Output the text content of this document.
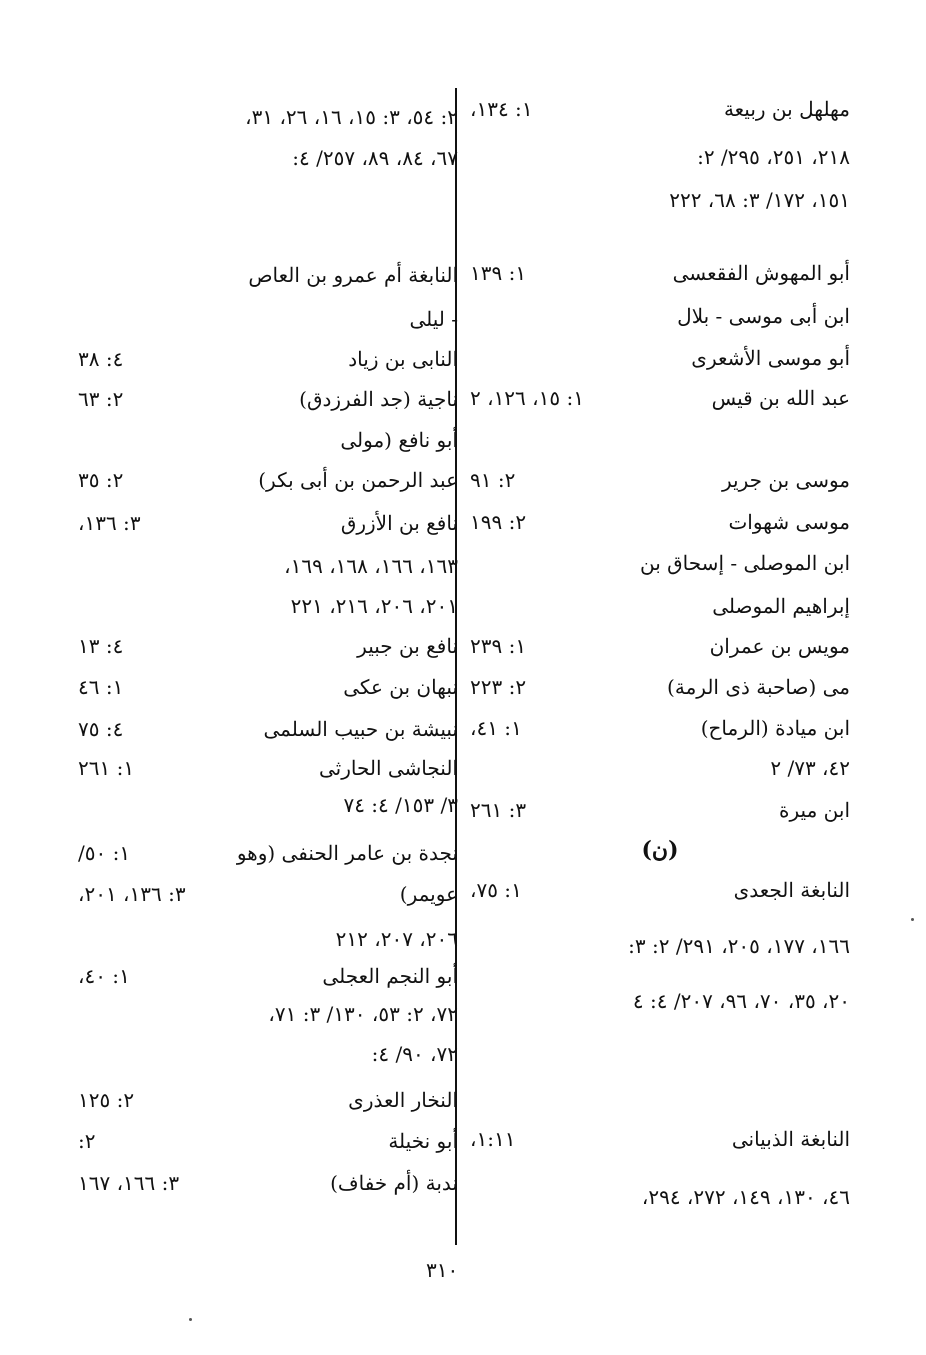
مهلهل بن ربيعة
١: ١٣٤،
٢١٨، ٢٥١، ٢٩٥/ ٢:
١٥١، ١٧٢/ ٣: ٦٨، ٢٢٢
أبو المهوش الفقعسى
١: ١٣٩
ابن أبى موسى - بلال
أبو موسى الأشعرى
عبد الله بن قيس
١: ١٥، ١٢٦، ٢
موسى بن جرير
٢: ٩١
موسى شهوات
٢: ١٩٩
ابن الموصلى - إسحاق بن
إبراهيم الموصلى
مويس بن عمران
١: ٢٣٩
مى (صاحبة ذى الرمة)
٢: ٢٢٣
ابن ميادة (الرماح)
١: ٤١،
٤٢، ٧٣/ ٢
ابن ميرة
٣: ٢٦١
(ن)
النابغة الجعدى
١: ٧٥،
١٦٦، ١٧٧، ٢٠٥، ٢٩١/ ٢: ٣:
٢٠، ٣٥، ٧٠، ٩٦، ٢٠٧/ ٤: ٤
النابغة الذبيانى
١:١١،
٤٦، ١٣٠، ١٤٩، ٢٧٢، ٢٩٤،
٢: ٥٤، ٣: ١٥، ١٦، ٢٦، ٣١،
٦٧، ٨٤، ٨٩، ٢٥٧/ ٤:
النابغة أم عمرو بن العاص
- ليلى
النابى بن زياد
٤: ٣٨
ناجية (جد الفرزدق)
٢: ٦٣
أبو نافع (مولى
عبد الرحمن بن أبى بكر)
٢: ٣٥
نافع بن الأزرق
٣: ١٣٦،
١٦٣، ١٦٦، ١٦٨، ١٦٩،
٢٠١، ٢٠٦، ٢١٦، ٢٢١
نافع بن جبير
٤: ١٣
نبهان بن عكى
١: ٤٦
نبيشة بن حبيب السلمى
٤: ٧٥
النجاشى الحارثى
١: ٢٦١
٣/ ١٥٣/ ٤: ٧٤
نجدة بن عامر الحنفى (وهو
١: ٥٠/
عويمر)
٣: ١٣٦، ٢٠١،
٢٠٦، ٢٠٧، ٢١٢
أبو النجم العجلى
١: ٤٠،
٧٢، ٢: ٥٣، ١٣٠/ ٣: ٧١،
٧٢، ٩٠/ ٤:
النخار العذرى
٢: ١٢٥
أبو نخيلة
٢:
ندبة (أم خفاف)
٣: ١٦٦، ١٦٧
٣١٠
